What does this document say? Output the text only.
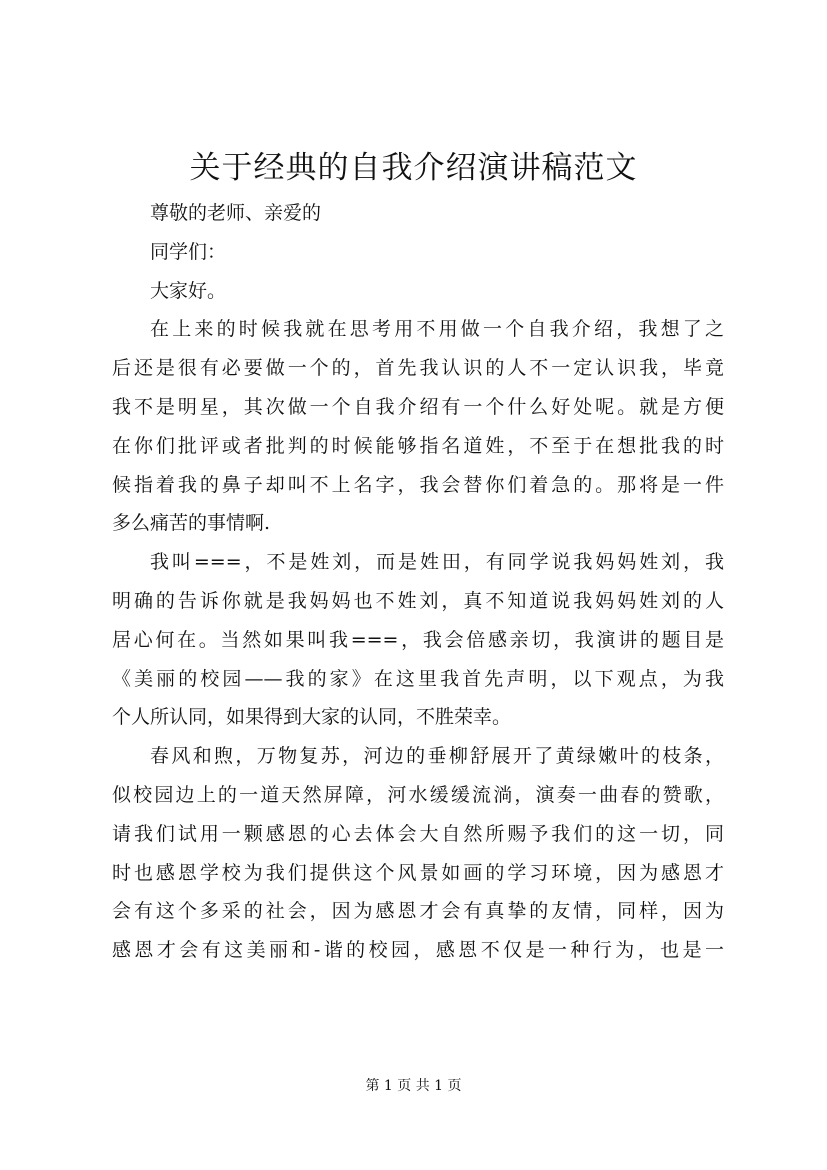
关于经典的自我介绍演讲稿范文
尊敬的老师、亲爱的
同学们：
大家好。
在上来的时候我就在思考用不用做一个自我介绍，我想了之
后还是很有必要做一个的，首先我认识的人不一定认识我，毕竟
我不是明星，其次做一个自我介绍有一个什么好处呢。就是方便
在你们批评或者批判的时候能够指名道姓，不至于在想批我的时
候指着我的鼻子却叫不上名字，我会替你们着急的。那将是一件
多么痛苦的事情啊.
我叫===，不是姓刘，而是姓田，有同学说我妈妈姓刘，我
明确的告诉你就是我妈妈也不姓刘，真不知道说我妈妈姓刘的人
居心何在。当然如果叫我===，我会倍感亲切，我演讲的题目是
《美丽的校园——我的家》在这里我首先声明，以下观点，为我
个人所认同，如果得到大家的认同，不胜荣幸。
春风和煦，万物复苏，河边的垂柳舒展开了黄绿嫩叶的枝条，
似校园边上的一道天然屏障，河水缓缓流淌，演奏一曲春的赞歌，
请我们试用一颗感恩的心去体会大自然所赐予我们的这一切，同
时也感恩学校为我们提供这个风景如画的学习环境，因为感恩才
会有这个多采的社会，因为感恩才会有真挚的友情，同样，因为
感恩才会有这美丽和-谐的校园，感恩不仅是一种行为，也是一
第 1 页 共 1 页
